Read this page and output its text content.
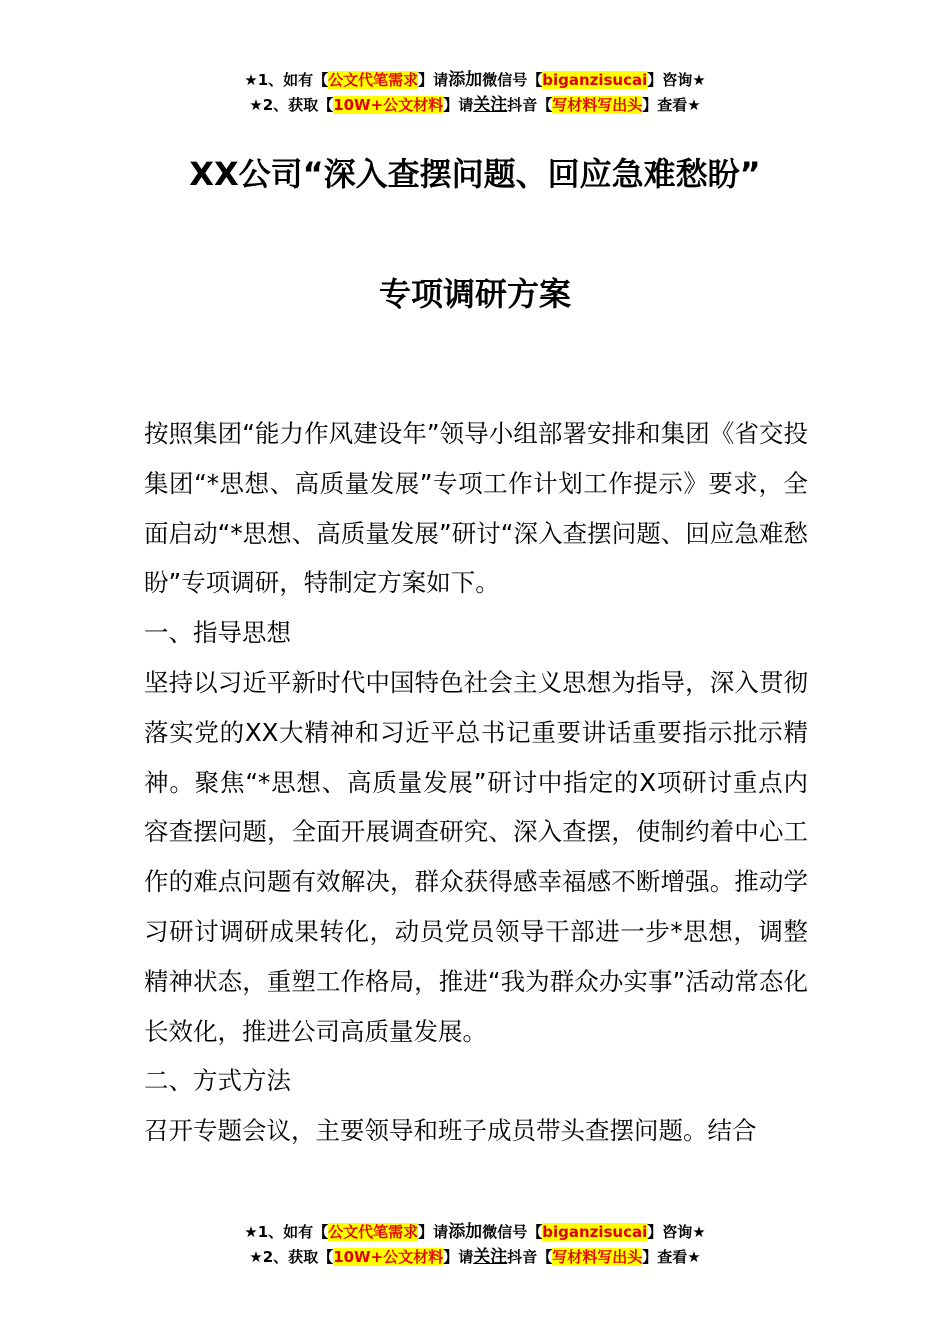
★1、如有【公文代笔需求】请添加微信号【biganzisucai】咨询★
★2、获取【10W+公文材料】请关注抖音【写材料写出头】查看★
XX公司“深入查摆问题、回应急难愁盼”
专项调研方案

按照集团“能力作风建设年”领导小组部署安排和集团《省交投集团“*思想、高质量发展”专项工作计划工作提示》要求，全面启动“*思想、高质量发展”研讨“深入查摆问题、回应急难愁盼”专项调研，特制定方案如下。

一、指导思想

坚持以习近平新时代中国特色社会主义思想为指导，深入贯彻落实党的XX大精神和习近平总书记重要讲话重要指示批示精神。聚焦“*思想、高质量发展”研讨中指定的X项研讨重点内容查摆问题，全面开展调查研究、深入查摆，使制约着中心工作的难点问题有效解决，群众获得感幸福感不断增强。推动学习研讨调研成果转化，动员党员领导干部进一步*思想，调整精神状态，重塑工作格局，推进“我为群众办实事”活动常态化长效化，推进公司高质量发展。

二、方式方法

召开专题会议，主要领导和班子成员带头查摆问题。结合

★1、如有【公文代笔需求】请添加微信号【biganzisucai】咨询★
★2、获取【10W+公文材料】请关注抖音【写材料写出头】查看★
